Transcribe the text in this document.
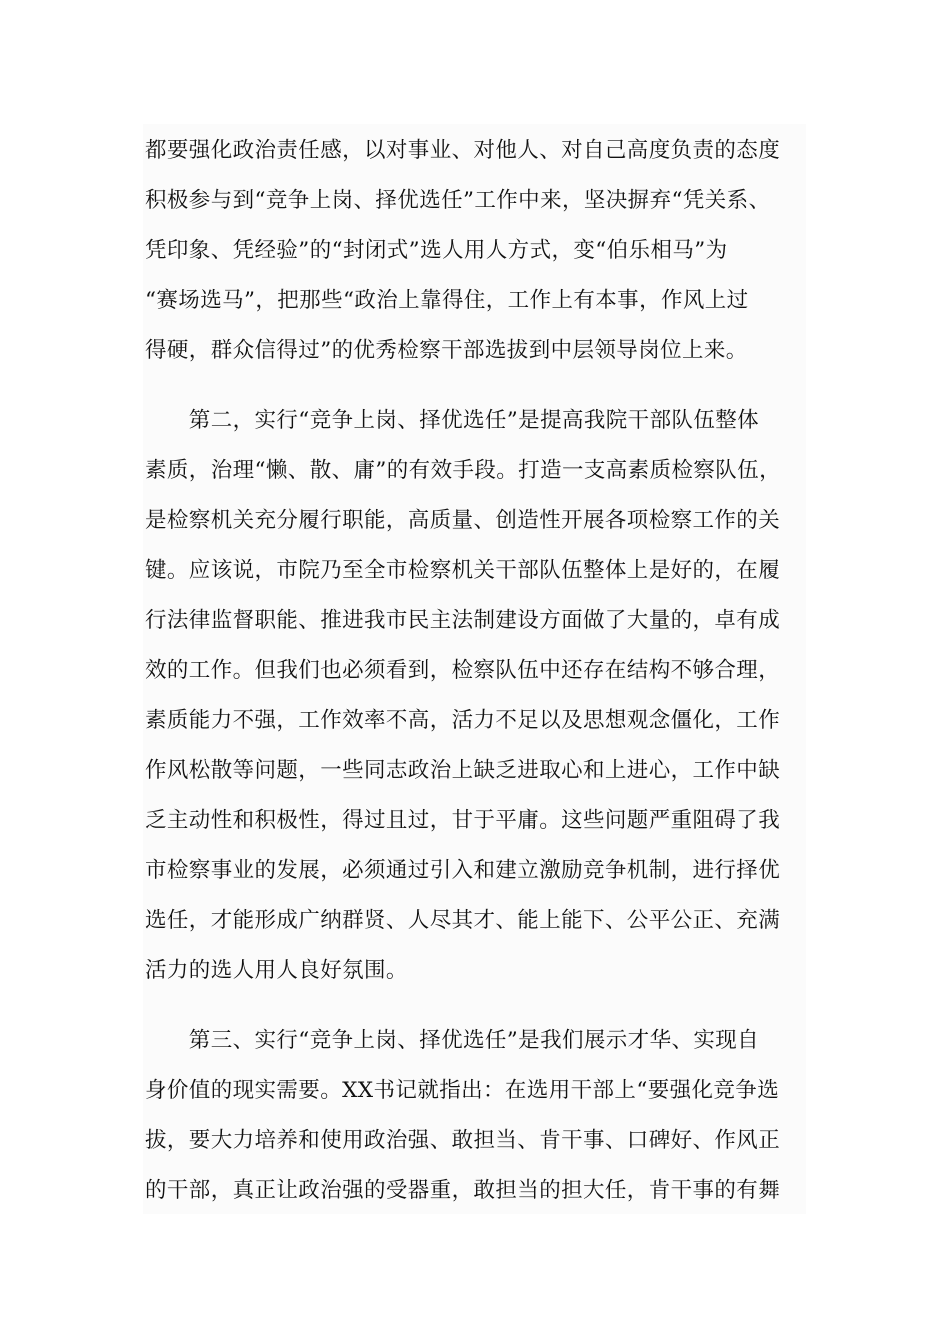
都要强化政治责任感，以对事业、对他人、对自己高度负责的态度
积极参与到“竞争上岗、择优选任”工作中来，坚决摒弃“凭关系、
凭印象、凭经验”的“封闭式”选人用人方式，变“伯乐相马”为
“赛场选马”，把那些“政治上靠得住，工作上有本事，作风上过
得硬，群众信得过”的优秀检察干部选拔到中层领导岗位上来。
　　第二，实行“竞争上岗、择优选任”是提高我院干部队伍整体
素质，治理“懒、散、庸”的有效手段。打造一支高素质检察队伍，
是检察机关充分履行职能，高质量、创造性开展各项检察工作的关
键。应该说，市院乃至全市检察机关干部队伍整体上是好的，在履
行法律监督职能、推进我市民主法制建设方面做了大量的，卓有成
效的工作。但我们也必须看到，检察队伍中还存在结构不够合理，
素质能力不强，工作效率不高，活力不足以及思想观念僵化，工作
作风松散等问题，一些同志政治上缺乏进取心和上进心，工作中缺
乏主动性和积极性，得过且过，甘于平庸。这些问题严重阻碍了我
市检察事业的发展，必须通过引入和建立激励竞争机制，进行择优
选任，才能形成广纳群贤、人尽其才、能上能下、公平公正、充满
活力的选人用人良好氛围。
　　第三、实行“竞争上岗、择优选任”是我们展示才华、实现自
身价值的现实需要。XX书记就指出：在选用干部上“要强化竞争选
拔，要大力培养和使用政治强、敢担当、肯干事、口碑好、作风正
的干部，真正让政治强的受器重，敢担当的担大任，肯干事的有舞
